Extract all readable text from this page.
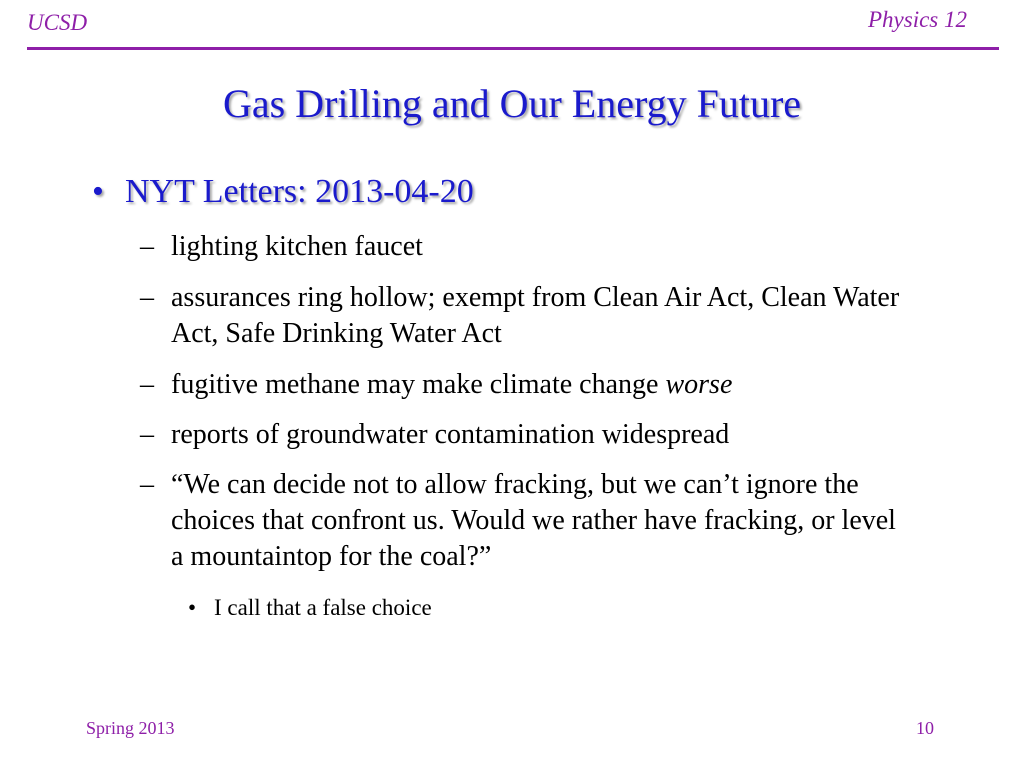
UCSD	Physics 12
Gas Drilling and Our Energy Future
• NYT Letters: 2013-04-20
– lighting kitchen faucet
– assurances ring hollow; exempt from Clean Air Act, Clean Water Act, Safe Drinking Water Act
– fugitive methane may make climate change worse
– reports of groundwater contamination widespread
– “We can decide not to allow fracking, but we can’t ignore the choices that confront us. Would we rather have fracking, or level a mountaintop for the coal?”
• I call that a false choice
Spring 2013	10
